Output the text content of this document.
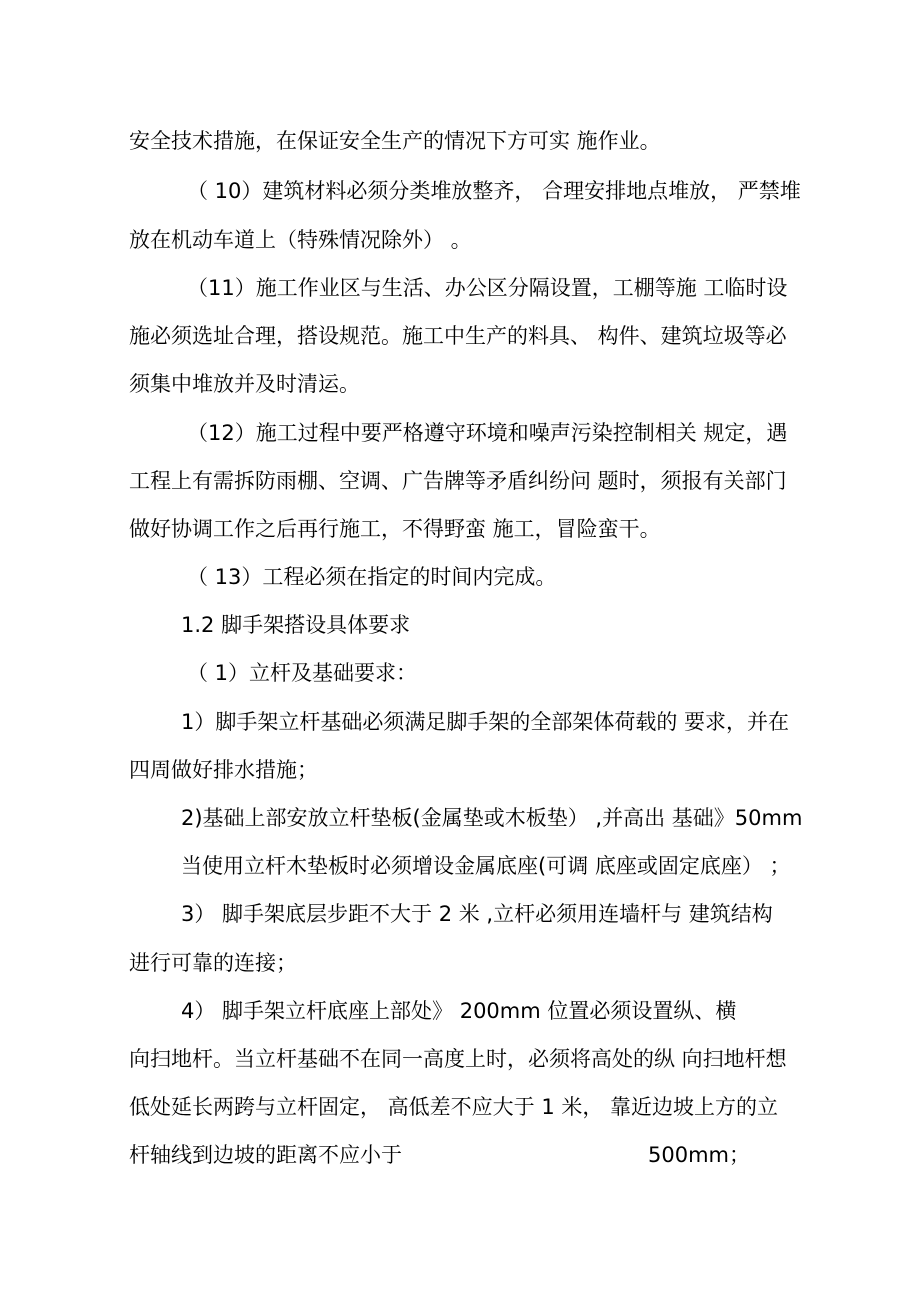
安全技术措施，在保证安全生产的情况下方可实 施作业。
（ 10）建筑材料必须分类堆放整齐， 合理安排地点堆放， 严禁堆
放在机动车道上（特殊情况除外） 。
（11）施工作业区与生活、办公区分隔设置，工棚等施 工临时设
施必须选址合理，搭设规范。施工中生产的料具、 构件、建筑垃圾等必
须集中堆放并及时清运。
（12）施工过程中要严格遵守环境和噪声污染控制相关 规定，遇
工程上有需拆防雨棚、空调、广告牌等矛盾纠纷问 题时，须报有关部门
做好协调工作之后再行施工，不得野蛮 施工，冒险蛮干。
（ 13）工程必须在指定的时间内完成。
1.2 脚手架搭设具体要求
（ 1）立杆及基础要求：
1）脚手架立杆基础必须满足脚手架的全部架体荷载的 要求，并在
四周做好排水措施；
2)基础上部安放立杆垫板(金属垫或木板垫） ,并高出 基础》50mm
当使用立杆木垫板时必须增设金属底座(可调 底座或固定底座） ；
3） 脚手架底层步距不大于 2 米 ,立杆必须用连墙杆与 建筑结构
进行可靠的连接；
4） 脚手架立杆底座上部处》 200mm 位置必须设置纵、横
向扫地杆。当立杆基础不在同一高度上时，必须将高处的纵 向扫地杆想
低处延长两跨与立杆固定， 高低差不应大于 1 米， 靠近边坡上方的立
杆轴线到边坡的距离不应小于	500mm；
